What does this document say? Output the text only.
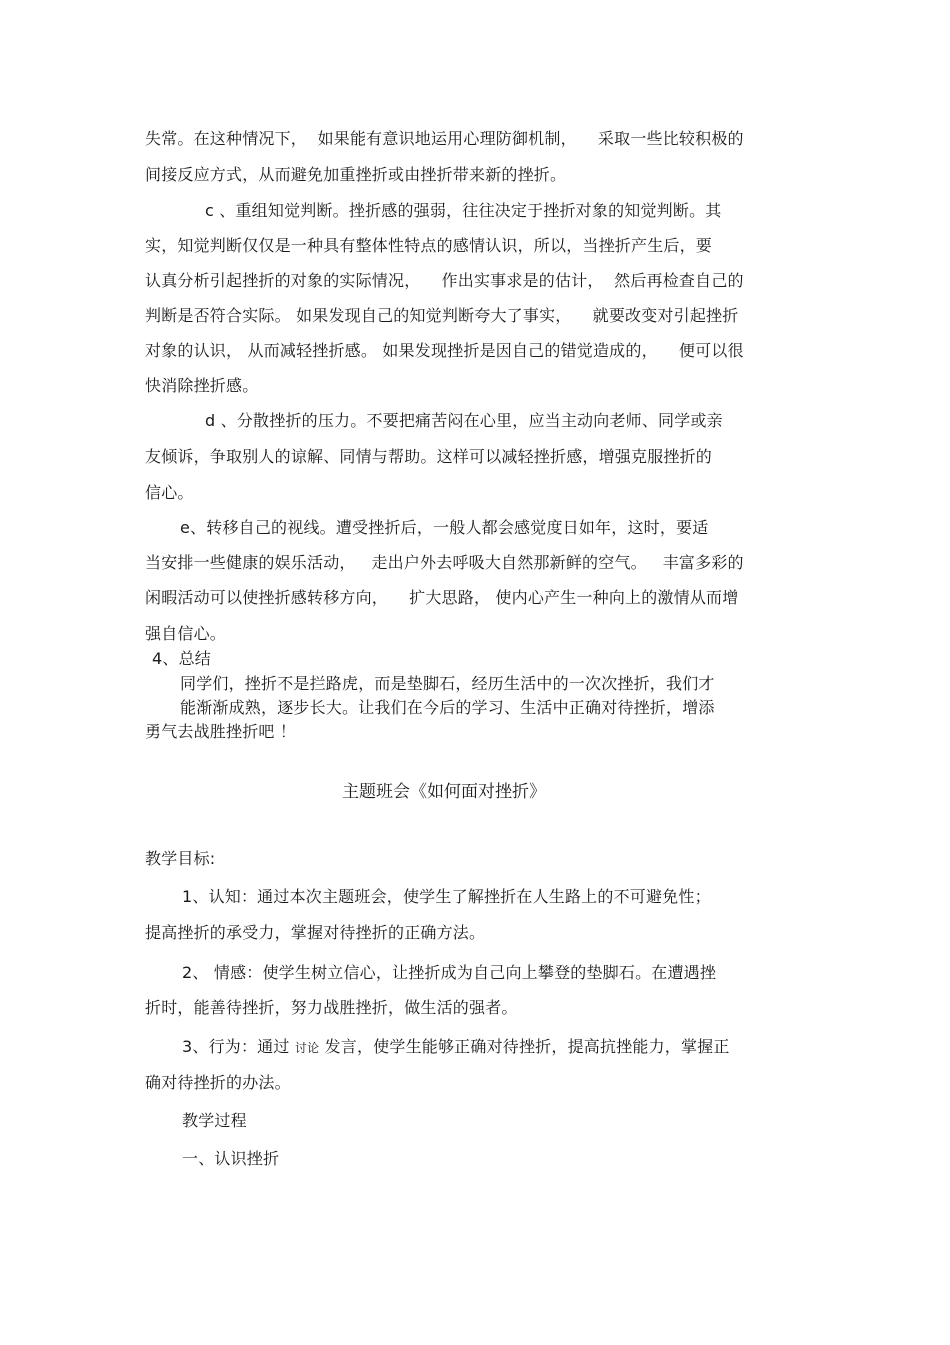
失常。在这种情况下，  如果能有意识地运用心理防御机制，    采取一些比较积极的
间接反应方式，从而避免加重挫折或由挫折带来新的挫折。
c 、重组知觉判断。挫折感的强弱，往往决定于挫折对象的知觉判断。其
实，知觉判断仅仅是一种具有整体性特点的感情认识，所以，当挫折产生后，要
认真分析引起挫折的对象的实际情况，    作出实事求是的估计，  然后再检查自己的
判断是否符合实际。 如果发现自己的知觉判断夸大了事实，    就要改变对引起挫折
对象的认识， 从而减轻挫折感。 如果发现挫折是因自己的错觉造成的，    便可以很
快消除挫折感。
d 、分散挫折的压力。不要把痛苦闷在心里，应当主动向老师、同学或亲
友倾诉，争取别人的谅解、同情与帮助。这样可以减轻挫折感，增强克服挫折的
信心。
e、转移自己的视线。遭受挫折后，一般人都会感觉度日如年，这时，要适
当安排一些健康的娱乐活动，   走出户外去呼吸大自然那新鲜的空气。   丰富多彩的
闲暇活动可以使挫折感转移方向，    扩大思路， 使内心产生一种向上的激情从而增
强自信心。
4、总结
同学们，挫折不是拦路虎，而是垫脚石，经历生活中的一次次挫折，我们才
能渐渐成熟，逐步长大。让我们在今后的学习、生活中正确对待挫折，增添
勇气去战胜挫折吧 ！
主题班会《如何面对挫折》
教学目标:
1、认知：通过本次主题班会，使学生了解挫折在人生路上的不可避免性；
提高挫折的承受力，掌握对待挫折的正确方法。
2、 情感：使学生树立信心，让挫折成为自己向上攀登的垫脚石。在遭遇挫
折时，能善待挫折，努力战胜挫折，做生活的强者。
3、行为：通过 讨论 发言，使学生能够正确对待挫折，提高抗挫能力，掌握正
确对待挫折的办法。
教学过程
一、认识挫折
